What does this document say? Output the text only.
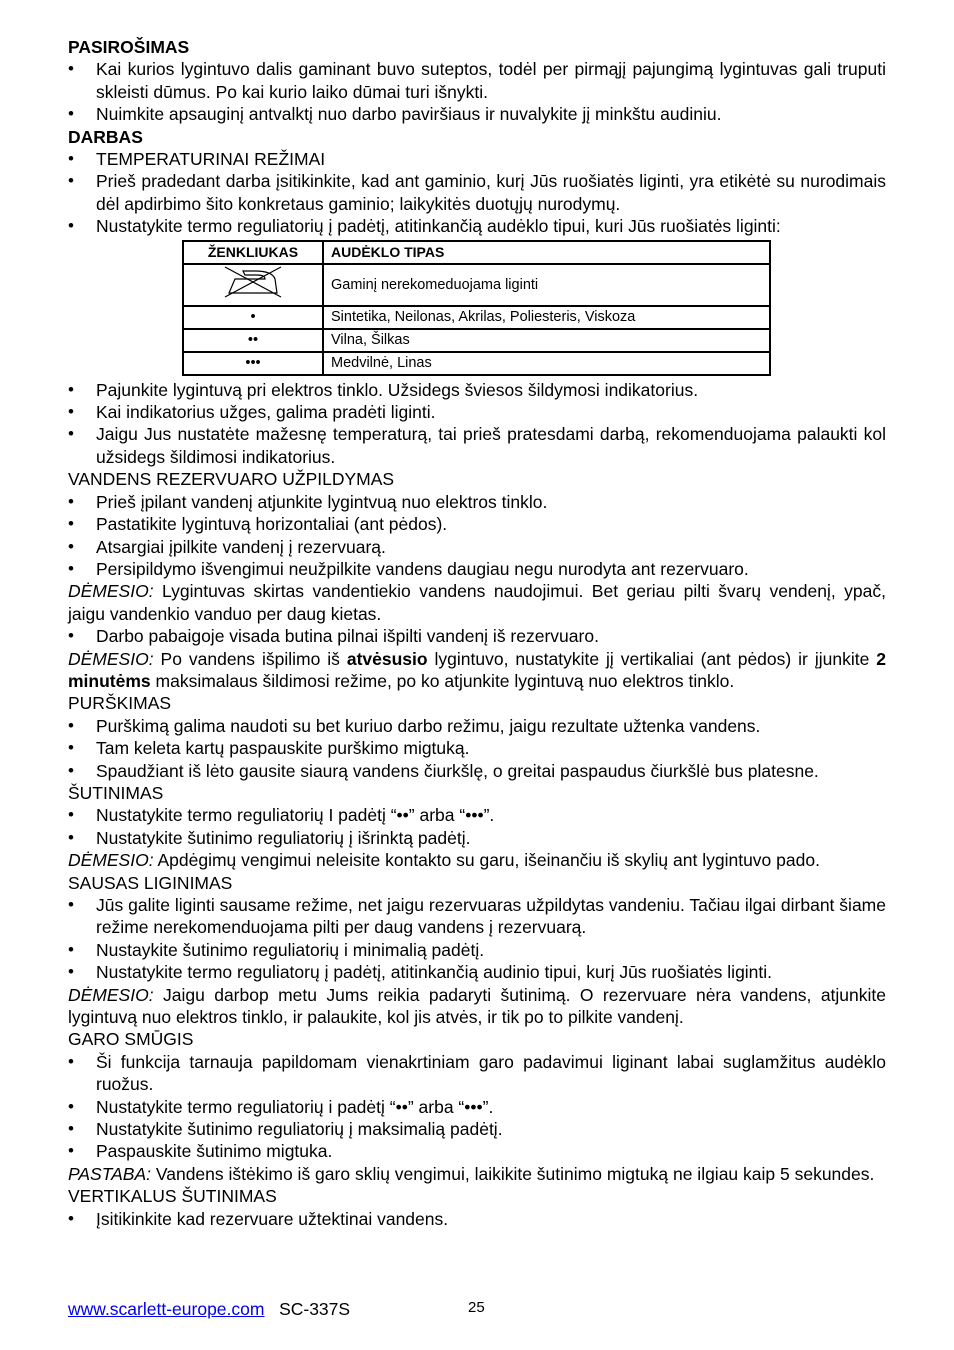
PASIROŠIMAS

• Kai kurios lygintuvo dalis gaminant buvo suteptos, todėl per pirmąjį pajungimą lygintuvas gali truputi skleisti dūmus. Po kai kurio laiko dūmai turi išnykti.
• Nuimkite apsauginį antvalktį nuo darbo paviršiaus ir nuvalykite jį minkštu audiniu.

DARBAS

• TEMPERATURINAI REŽIMAI
• Prieš pradedant darba įsitikinkite, kad ant gaminio, kurį Jūs ruošiatės liginti, yra etikėtė su nurodimais dėl apdirbimo šito konkretaus gaminio; laikykitės duotųjų nurodymų.
• Nustatykite termo reguliatorių į padėtį, atitinkančią audėklo tipui, kuri Jūs ruošiatės liginti:
ŽENKLIUKAS	AUDĖKLO TIPAS
	Gaminį nerekomeduojama liginti
•	Sintetika, Neilonas, Akrilas, Poliesteris, Viskoza
••	Vilna, Šilkas
•••	Medvilnė, Linas
• Pajunkite lygintuvą pri elektros tinklo. Užsidegs šviesos šildymosi indikatorius.
• Kai indikatorius užges, galima pradėti liginti.
• Jaigu Jus nustatėte mažesnę temperaturą, tai prieš pratesdami darbą, rekomenduojama palaukti kol užsidegs šildimosi indikatorius.

VANDENS REZERVUARO UŽPILDYMAS

• Prieš įpilant vandenį atjunkite lygintvuą nuo elektros tinklo.
• Pastatikite lygintuvą horizontaliai (ant pėdos).
• Atsargiai įpilkite vandenį į rezervuarą.
• Persipildymo išvengimui neužpilkite vandens daugiau negu nurodyta ant rezervuaro.

DĖMESIO: Lygintuvas skirtas vandentiekio vandens naudojimui. Bet geriau pilti švarų vendenį, ypač, jaigu vandenkio vanduo per daug kietas.

• Darbo pabaigoje visada butina pilnai išpilti vandenį iš rezervuaro.

DĖMESIO: Po vandens išpilimo iš atvėsusio lygintuvo, nustatykite jį vertikaliai (ant pėdos) ir įjunkite 2 minutėms maksimalaus šildimosi režime, po ko atjunkite lygintuvą nuo elektros tinklo.

PURŠKIMAS

• Purškimą galima naudoti su bet kuriuo darbo režimu, jaigu rezultate užtenka vandens.
• Tam keleta kartų paspauskite purškimo migtuką.
• Spaudžiant iš lėto gausite siaurą vandens čiurkšlę, o greitai paspaudus čiurkšlė bus platesne.

ŠUTINIMAS

• Nustatykite termo reguliatorių I padėtį “••” arba “•••”.
• Nustatykite šutinimo reguliatorių į išrinktą padėtį.

DĖMESIO: Apdėgimų vengimui neleisite kontakto su garu, išeinančiu iš skylių ant lygintuvo pado.

SAUSAS LIGINIMAS

• Jūs galite liginti sausame režime, net jaigu rezervuaras užpildytas vandeniu. Tačiau ilgai dirbant šiame režime nerekomenduojama pilti per daug vandens į rezervuarą.
• Nustaykite šutinimo reguliatorių i minimalią padėtį.
• Nustatykite termo reguliatorų į padėtį, atitinkančią audinio tipui, kurį Jūs ruošiatės liginti.

DĖMESIO: Jaigu darbop metu Jums reikia padaryti šutinimą. O rezervuare nėra vandens, atjunkite lygintuvą nuo elektros tinklo, ir palaukite, kol jis atvės, ir tik po to pilkite vandenį.

GARO SMŪGIS

• Ši funkcija tarnauja papildomam vienakrtiniam garo padavimui liginant labai suglamžitus audėklo ruožus.
• Nustatykite termo reguliatorių i padėtį “••” arba “•••”.
• Nustatykite šutinimo reguliatorių į maksimalią padėtį.
• Paspauskite šutinimo migtuka.

PASTABA: Vandens ištėkimo iš garo sklių vengimui, laikikite šutinimo migtuką ne ilgiau kaip 5 sekundes.

VERTIKALUS ŠUTINIMAS

• Įsitikinkite kad rezervuare užtektinai vandens.
www.scarlett-europe.com SC-337S	25
